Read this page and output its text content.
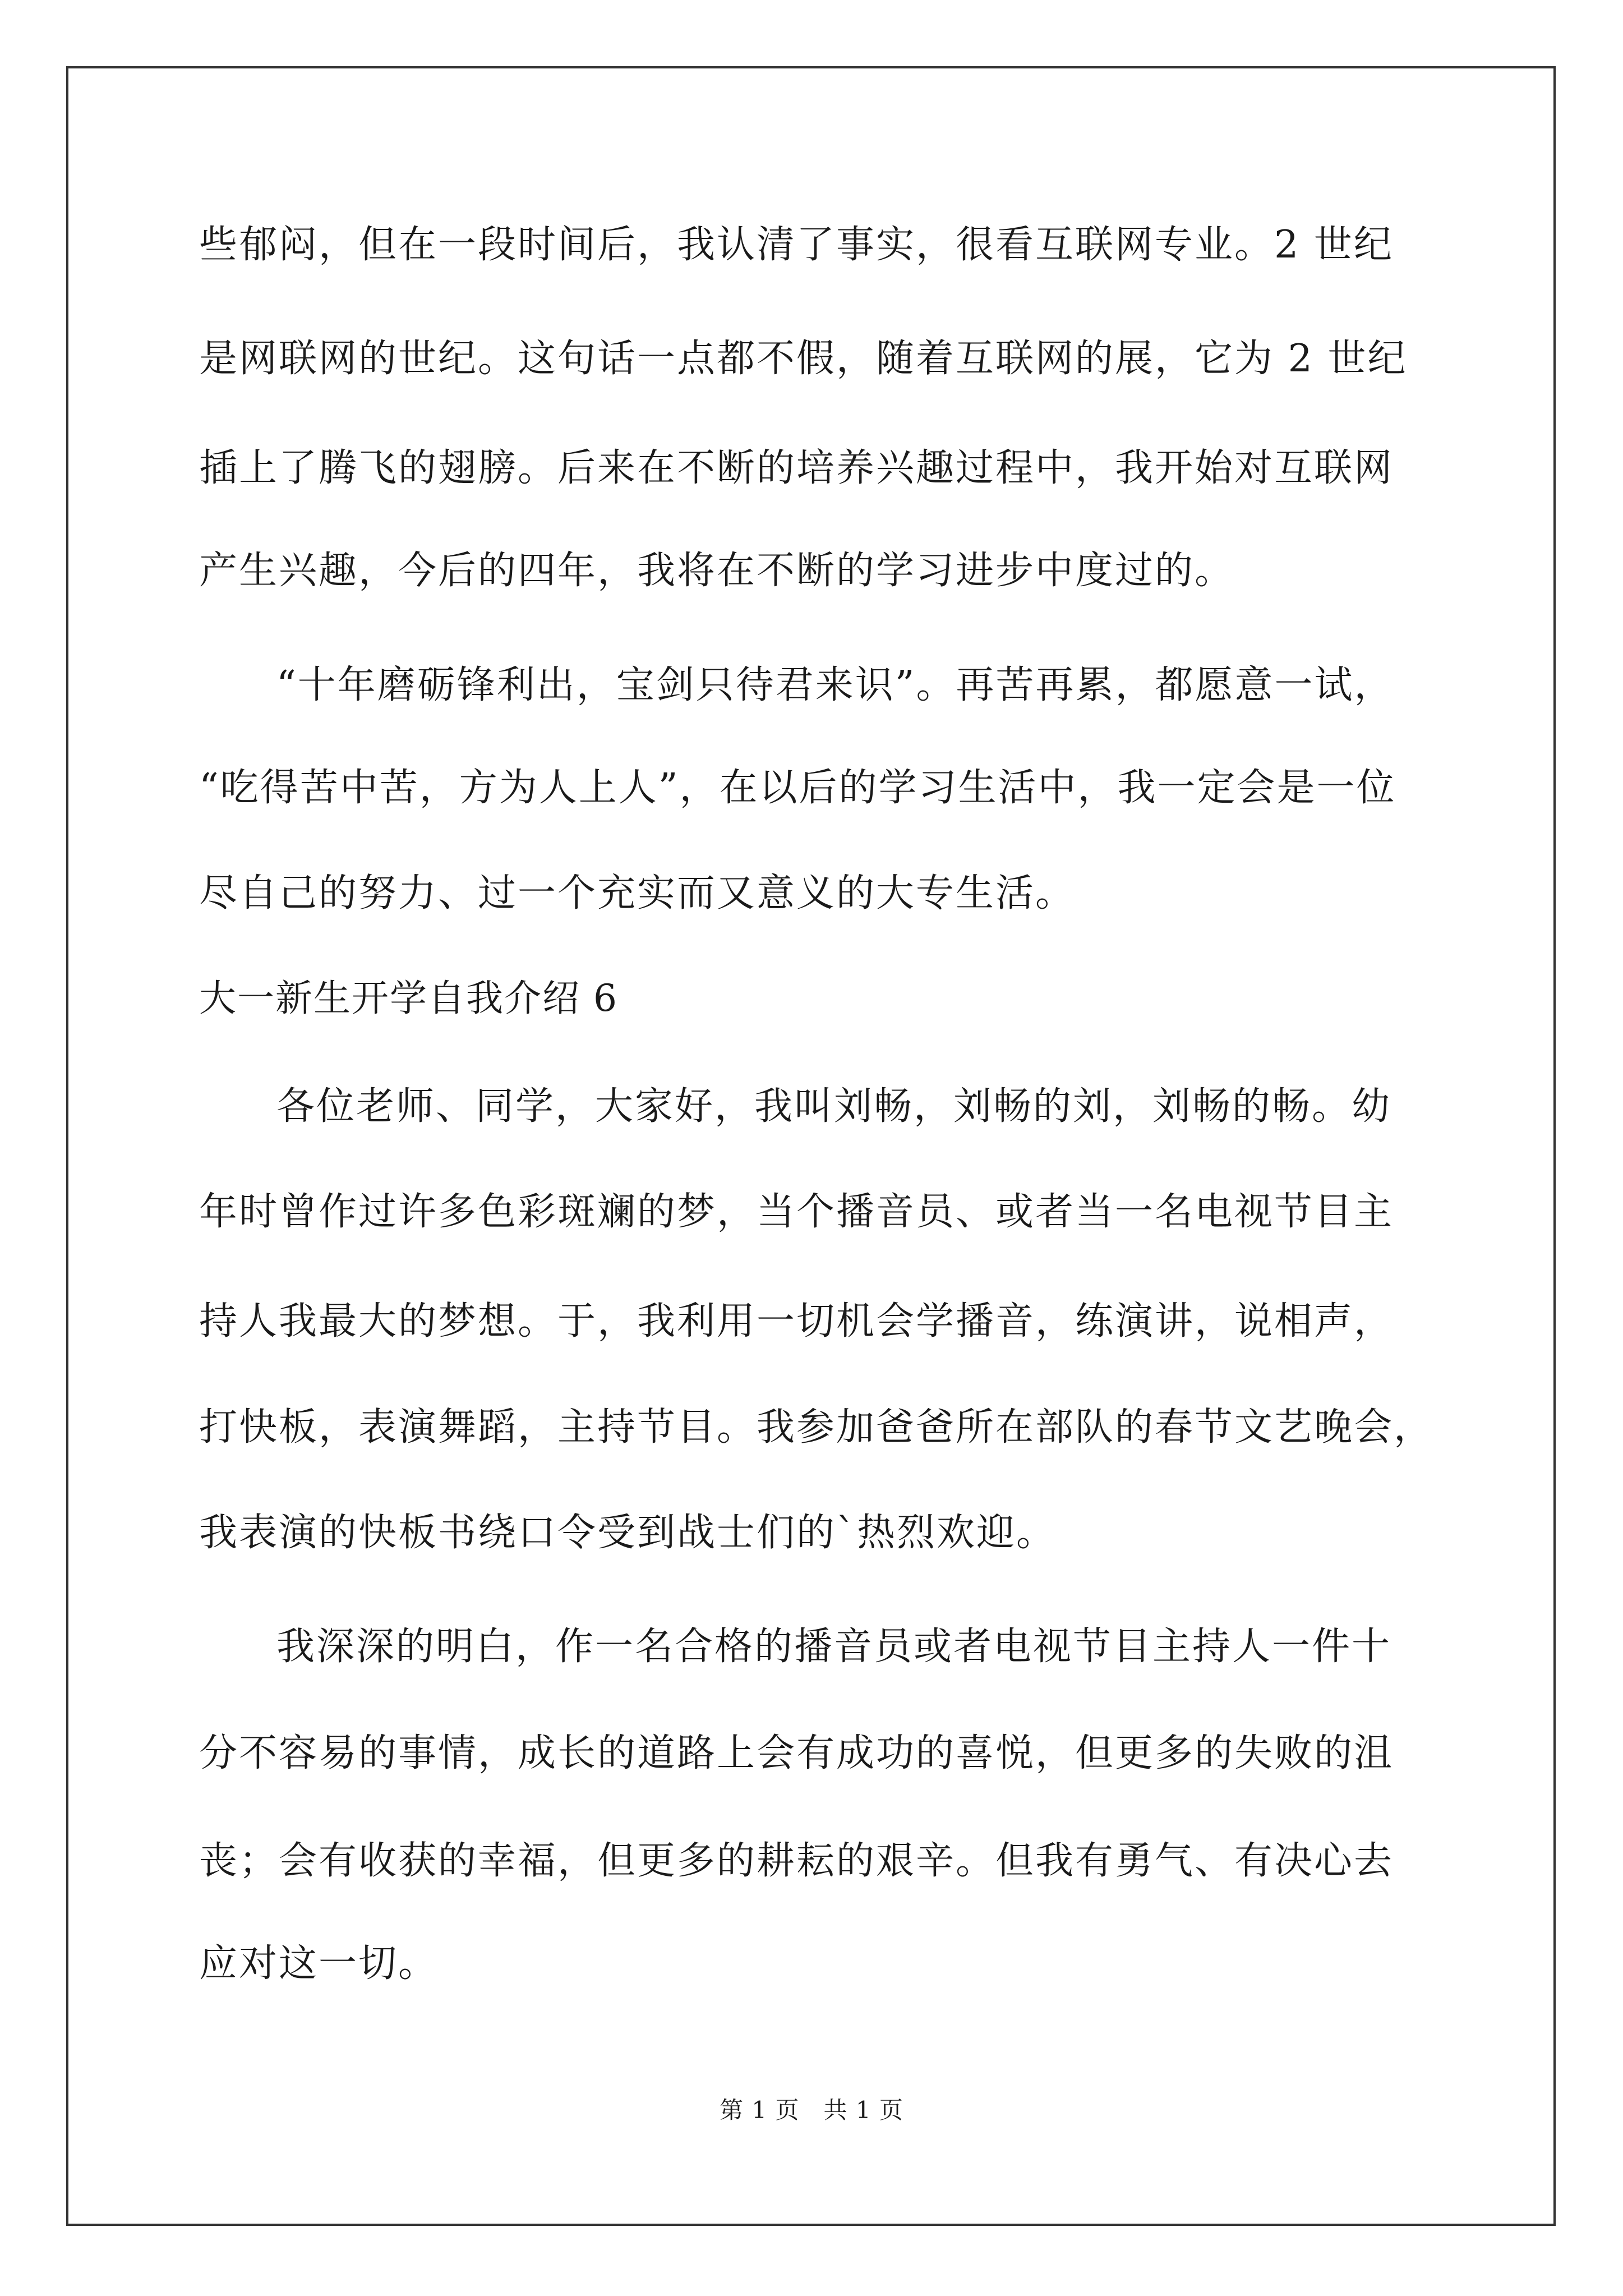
些郁闷，但在一段时间后，我认清了事实，很看互联网专业。2 世纪
是网联网的世纪。这句话一点都不假，随着互联网的展，它为 2 世纪
插上了腾飞的翅膀。后来在不断的培养兴趣过程中，我开始对互联网
产生兴趣，今后的四年，我将在不断的学习进步中度过的。
“十年磨砺锋利出，宝剑只待君来识”。再苦再累，都愿意一试，
“吃得苦中苦，方为人上人”，在以后的学习生活中，我一定会是一位
尽自己的努力、过一个充实而又意义的大专生活。
大一新生开学自我介绍 6
各位老师、同学，大家好，我叫刘畅，刘畅的刘，刘畅的畅。幼
年时曾作过许多色彩斑斓的梦，当个播音员、或者当一名电视节目主
持人我最大的梦想。于，我利用一切机会学播音，练演讲，说相声，
打快板，表演舞蹈，主持节目。我参加爸爸所在部队的春节文艺晚会，
我表演的快板书绕口令受到战士们的`热烈欢迎。
我深深的明白，作一名合格的播音员或者电视节目主持人一件十
分不容易的事情，成长的道路上会有成功的喜悦，但更多的失败的沮
丧；会有收获的幸福，但更多的耕耘的艰辛。但我有勇气、有决心去
应对这一切。
第 1 页　共 1 页
